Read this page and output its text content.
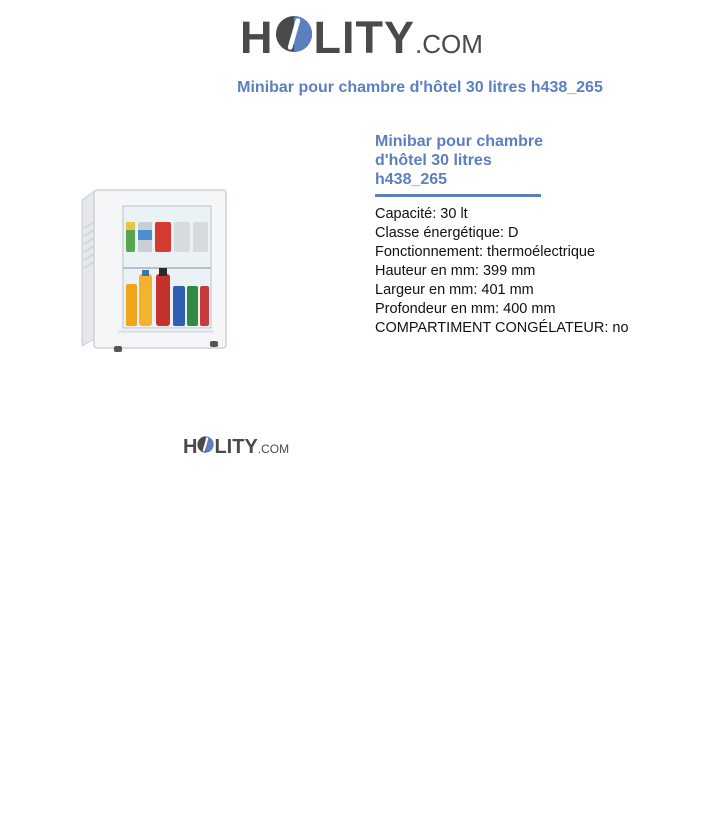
H LITY .COM
Minibar pour chambre d'hôtel 30 litres h438_265
Minibar pour chambre
d'hôtel 30 litres
h438_265
Capacité: 30 lt
Classe énergétique: D
Fonctionnement: thermoélectrique
Hauteur en mm: 399 mm
Largeur en mm: 401 mm
Profondeur en mm: 400 mm
COMPARTIMENT CONGÉLATEUR: no
H LITY .COM
